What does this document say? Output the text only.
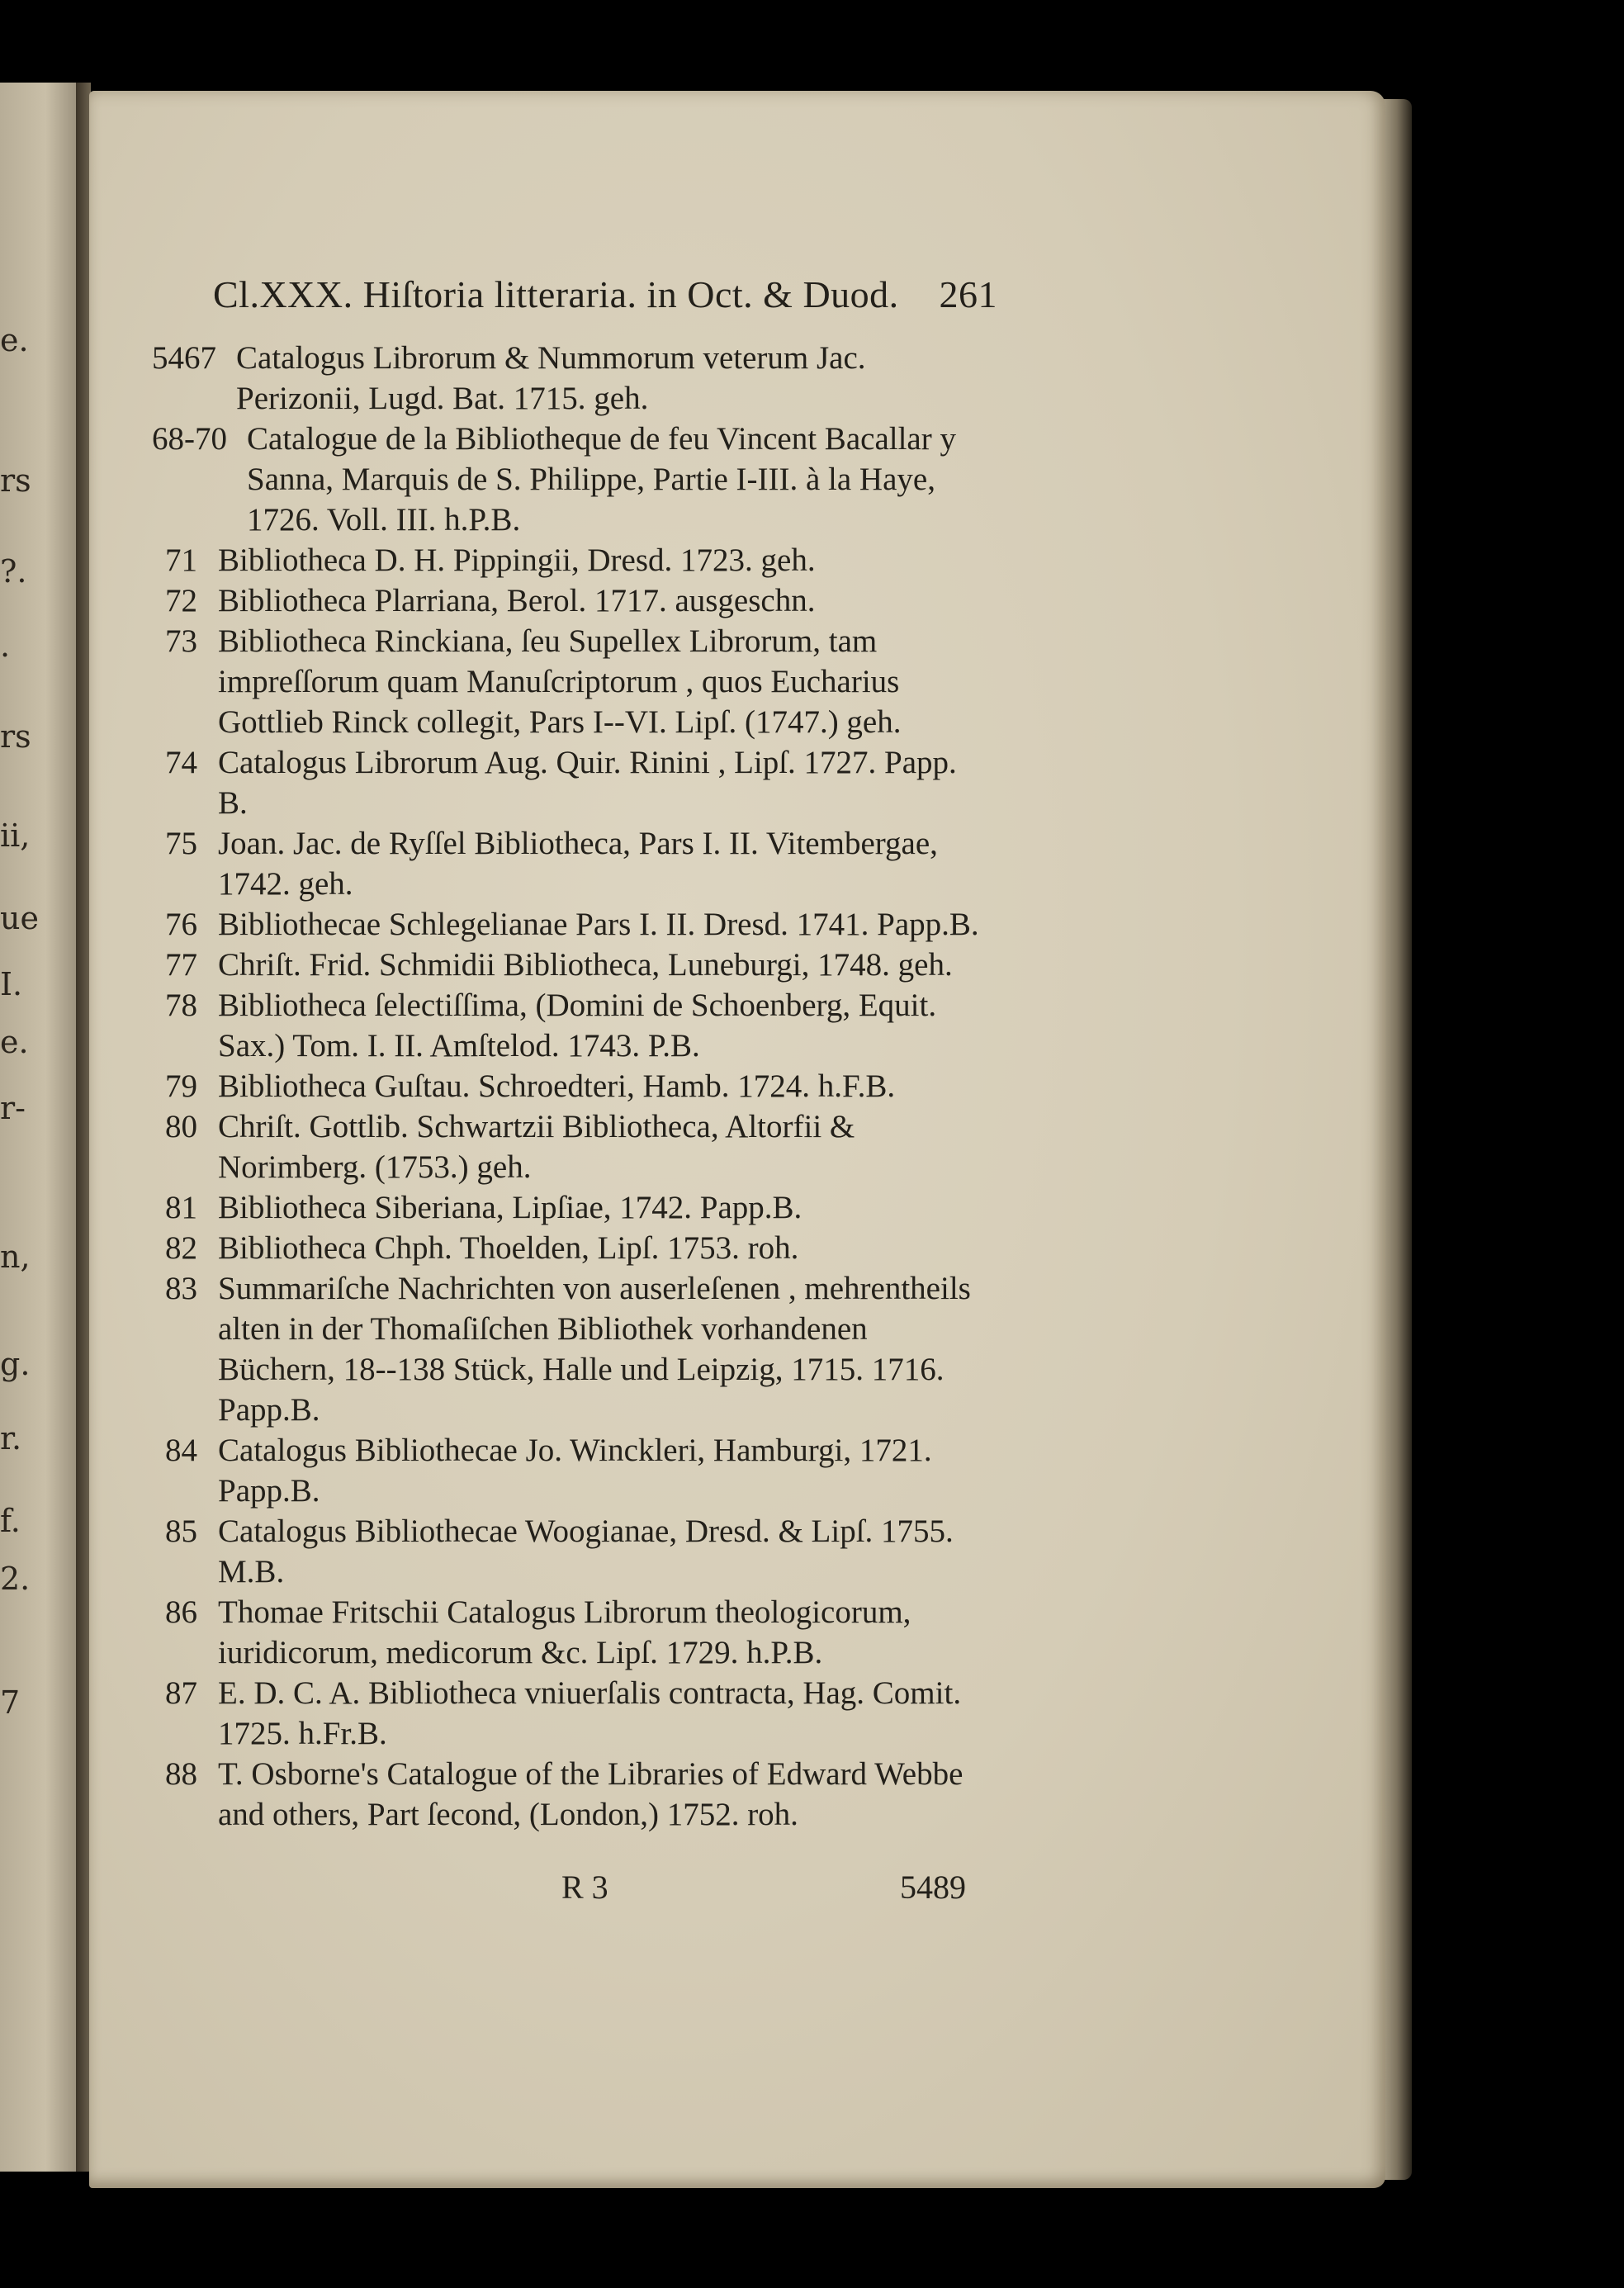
e.
rs
?.
.
rs
ii,
ue
I.
e.
r-
n,
g.
r.
f.
2.
7
Cl.XXX. Hiſtoria litteraria. in Oct. & Duod. 261
5467 Catalogus Librorum & Nummorum veterum Jac. Perizonii, Lugd. Bat. 1715. geh.
68-70 Catalogue de la Bibliotheque de feu Vincent Bacallar y Sanna, Marquis de S. Philippe, Partie I-III. à la Haye, 1726. Voll. III. h.P.B.
71 Bibliotheca D. H. Pippingii, Dresd. 1723. geh.
72 Bibliotheca Plarriana, Berol. 1717. ausgeschn.
73 Bibliotheca Rinckiana, ſeu Supellex Librorum, tam impreſſorum quam Manuſcriptorum , quos Eucharius Gottlieb Rinck collegit, Pars I--VI. Lipſ. (1747.) geh.
74 Catalogus Librorum Aug. Quir. Rinini , Lipſ. 1727. Papp. B.
75 Joan. Jac. de Ryſſel Bibliotheca, Pars I. II. Vitembergae, 1742. geh.
76 Bibliothecae Schlegelianae Pars I. II. Dresd. 1741. Papp.B.
77 Chriſt. Frid. Schmidii Bibliotheca, Luneburgi, 1748. geh.
78 Bibliotheca ſelectiſſima, (Domini de Schoenberg, Equit. Sax.) Tom. I. II. Amſtelod. 1743. P.B.
79 Bibliotheca Guſtau. Schroedteri, Hamb. 1724. h.F.B.
80 Chriſt. Gottlib. Schwartzii Bibliotheca, Altorfii & Norimberg. (1753.) geh.
81 Bibliotheca Siberiana, Lipſiae, 1742. Papp.B.
82 Bibliotheca Chph. Thoelden, Lipſ. 1753. roh.
83 Summariſche Nachrichten von auserleſenen , mehrentheils alten in der Thomaſiſchen Bibliothek vorhandenen Büchern, 18--138 Stück, Halle und Leipzig, 1715. 1716. Papp.B.
84 Catalogus Bibliothecae Jo. Winckleri, Hamburgi, 1721. Papp.B.
85 Catalogus Bibliothecae Woogianae, Dresd. & Lipſ. 1755. M.B.
86 Thomae Fritschii Catalogus Librorum theologicorum, iuridicorum, medicorum &c. Lipſ. 1729. h.P.B.
87 E. D. C. A. Bibliotheca vniuerſalis contracta, Hag. Comit. 1725. h.Fr.B.
88 T. Osborne's Catalogue of the Libraries of Edward Webbe and others, Part ſecond, (London,) 1752. roh.
R 3	5489
